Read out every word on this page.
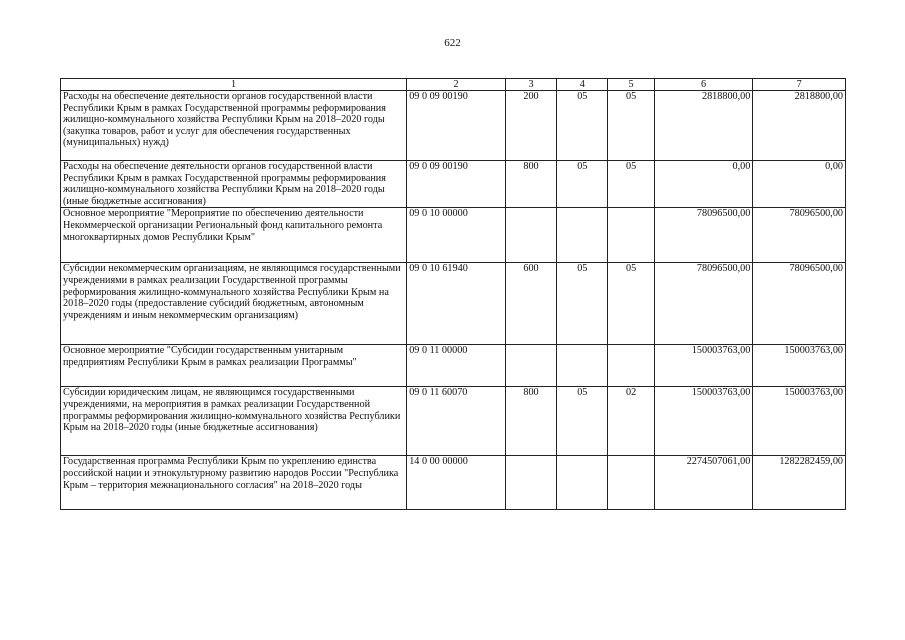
622
1	2	3	4	5	6	7
Расходы на обеспечение деятельности органов государственной власти Республики Крым в рамках Государственной программы реформирования жилищно-коммунального хозяйства Республики Крым на 2018–2020 годы (закупка товаров, работ и услуг для обеспечения государственных (муниципальных) нужд)	09 0 09 00190	200	05	05	2818800,00	2818800,00
Расходы на обеспечение деятельности органов государственной власти Республики Крым в рамках Государственной программы реформирования жилищно-коммунального хозяйства Республики Крым на 2018–2020 годы (иные бюджетные ассигнования)	09 0 09 00190	800	05	05	0,00	0,00
Основное мероприятие "Мероприятие по обеспечению деятельности Некоммерческой организации Региональный фонд капитального ремонта многоквартирных домов Республики Крым"	09 0 10 00000				78096500,00	78096500,00
Субсидии некоммерческим организациям, не являющимся государственными учреждениями в рамках реализации Государственной программы реформирования жилищно-коммунального хозяйства Республики Крым на 2018–2020 годы (предоставление субсидий бюджетным, автономным учреждениям и иным некоммерческим организациям)	09 0 10 61940	600	05	05	78096500,00	78096500,00
Основное мероприятие "Субсидии государственным унитарным предприятиям Республики Крым в рамках реализации Программы"	09 0 11 00000				150003763,00	150003763,00
Субсидии юридическим лицам, не являющимся государственными учреждениями, на мероприятия в рамках реализации Государственной программы реформирования жилищно-коммунального хозяйства Республики Крым на 2018–2020 годы (иные бюджетные ассигнования)	09 0 11 60070	800	05	02	150003763,00	150003763,00
Государственная программа Республики Крым по укреплению единства российской нации и этнокультурному развитию народов России "Республика Крым – территория межнационального согласия" на 2018–2020 годы	14 0 00 00000				2274507061,00	1282282459,00
